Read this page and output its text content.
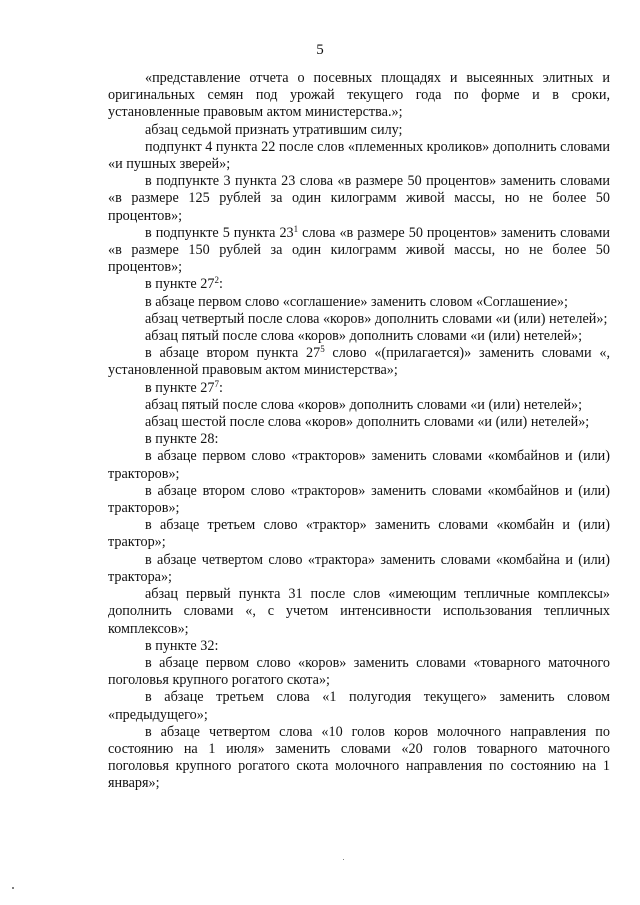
5

«представление отчета о посевных площадях и высеянных элитных и оригинальных семян под урожай текущего года по форме и в сроки, установленные правовым актом министерства.»;

абзац седьмой признать утратившим силу;

подпункт 4 пункта 22 после слов «племенных кроликов» дополнить словами «и пушных зверей»;

в подпункте 3 пункта 23 слова «в размере 50 процентов» заменить словами «в размере 125 рублей за один килограмм живой массы, но не более 50 процентов»;

в подпункте 5 пункта $23^1$ слова «в размере 50 процентов» заменить словами «в размере 150 рублей за один килограмм живой массы, но не более 50 процентов»;

в пункте $27^2$:

в абзаце первом слово «соглашение» заменить словом «Соглашение»;

абзац четвертый после слова «коров» дополнить словами «и (или) нетелей»;

абзац пятый после слова «коров» дополнить словами «и (или) нетелей»;

в абзаце втором пункта $27^5$ слово «(прилагается)» заменить словами «, установленной правовым актом министерства»;

в пункте $27^7$:

абзац пятый после слова «коров» дополнить словами «и (или) нетелей»;

абзац шестой после слова «коров» дополнить словами «и (или) нетелей»;

в пункте 28:

в абзаце первом слово «тракторов» заменить словами «комбайнов и (или) тракторов»;

в абзаце втором слово «тракторов» заменить словами «комбайнов и (или) тракторов»;

в абзаце третьем слово «трактор» заменить словами «комбайн и (или) трактор»;

в абзаце четвертом слово «трактора» заменить словами «комбайна и (или) трактора»;

абзац первый пункта 31 после слов «имеющим тепличные комплексы» дополнить словами «, с учетом интенсивности использования тепличных комплексов»;

в пункте 32:

в абзаце первом слово «коров» заменить словами «товарного маточного поголовья крупного рогатого скота»;

в абзаце третьем слова «1 полугодия текущего» заменить словом «предыдущего»;

в абзаце четвертом слова «10 голов коров молочного направления по состоянию на 1 июля» заменить словами «20 голов товарного маточного поголовья крупного рогатого скота молочного направления по состоянию на 1 января»;
